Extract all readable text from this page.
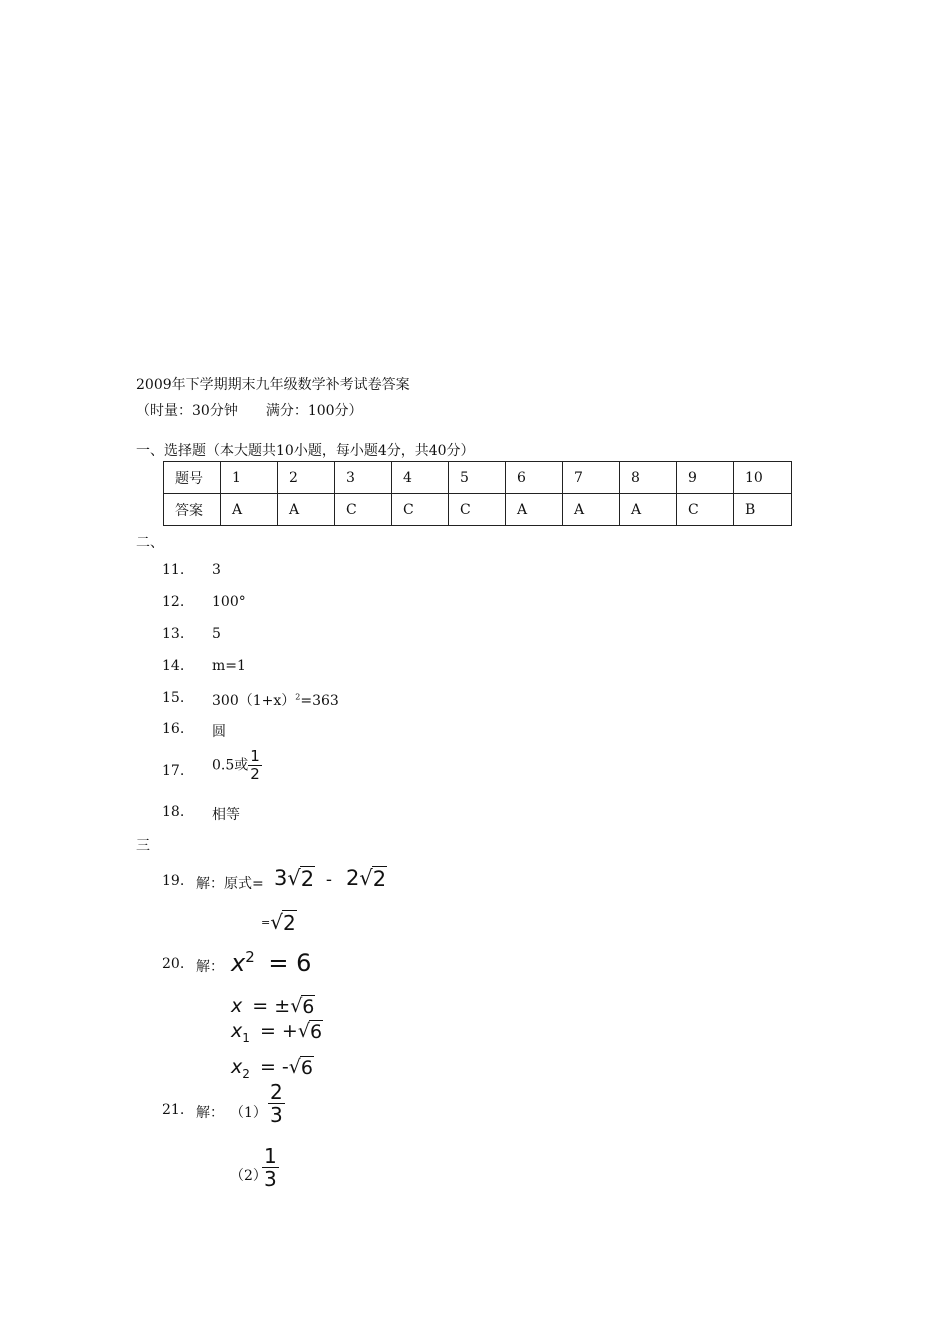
2009年下学期期末九年级数学补考试卷答案
（时量：30分钟　　满分：100分）
一、选择题（本大题共10小题，每小题4分，共40分）
题号	1	2	3	4	5	6	7	8	9	10
答案	A	A	C	C	C	A	A	A	C	B
二、
11. 3
12. 100°
13. 5
14. m=1
15. $300(1+x)^2=363$
16. 圆
17. 0.5或 $\frac{1}{2}$
18. 相等
三
19. 解：原式= 3 √ 2 - 2 √ 2
= √ 2
20. 解： $x^2 = 6$
x = ± √ 6
$x_1$ = + √ 6
$x_2$ = - √ 6
21. 解： $(1) \frac{2}{3}$
（2）
$\frac{1}{3}$
